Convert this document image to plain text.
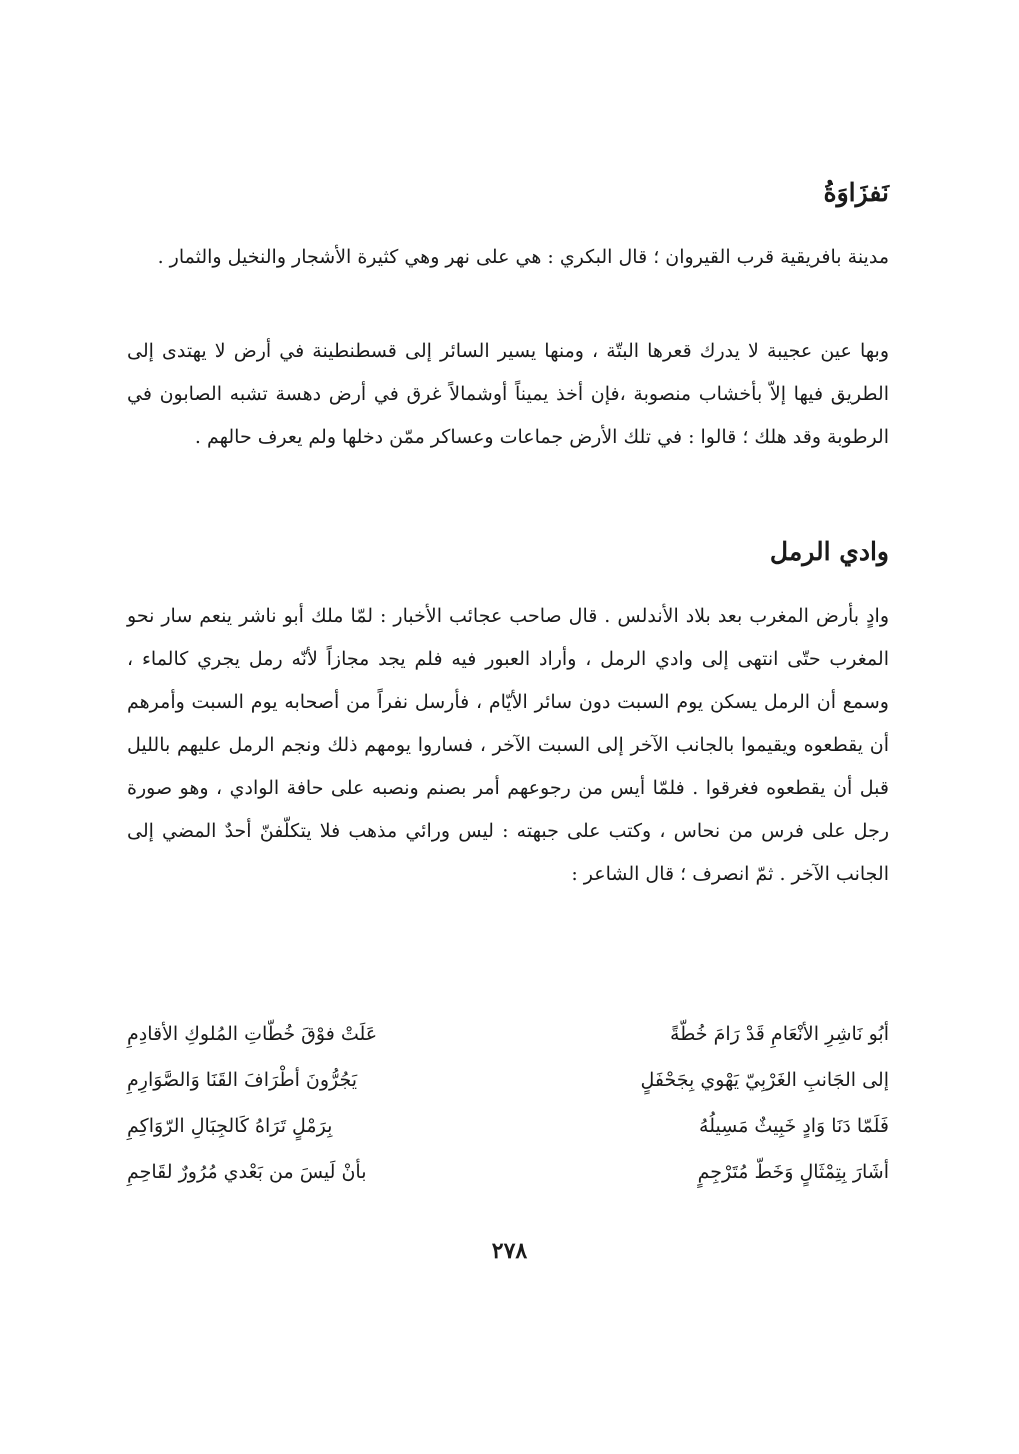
نَفزَاوَةُ

مدينة بافريقية قرب القيروان ؛ قال البكري : هي على نهر وهي كثيرة الأشجار والنخيل والثمار .

وبها عين عجيبة لا يدرك قعرها البتّة ، ومنها يسير السائر إلى قسطنطينة في أرض لا يهتدى إلى الطريق فيها إلاّ بأخشاب منصوبة ،فإن أخذ يميناً أوشمالاً غرق في أرض دهسة تشبه الصابون في الرطوبة وقد هلك ؛ قالوا : في تلك الأرض جماعات وعساكر ممّن دخلها ولم يعرف حالهم .

وادي الرمل

وادٍ بأرض المغرب بعد بلاد الأندلس . قال صاحب عجائب الأخبار : لمّا ملك أبو ناشر ينعم سار نحو المغرب حتّى انتهى إلى وادي الرمل ، وأراد العبور فيه فلم يجد مجازاً لأنّه رمل يجري كالماء ، وسمع أن الرمل يسكن يوم السبت دون سائر الأيّام ، فأرسل نفراً من أصحابه يوم السبت وأمرهم أن يقطعوه ويقيموا بالجانب الآخر إلى السبت الآخر ، فساروا يومهم ذلك ونجم الرمل عليهم بالليل قبل أن يقطعوه فغرقوا . فلمّا أيس من رجوعهم أمر بصنم ونصبه على حافة الوادي ، وهو صورة رجل على فرس من نحاس ، وكتب على جبهته : ليس ورائي مذهب فلا يتكلّفنّ أحدٌ المضي إلى الجانب الآخر . ثمّ انصرف ؛ قال الشاعر :

أبُو نَاشِرِ الأنْعَامِ قَدْ رَامَ خُطّةً
عَلَتْ فوْقَ خُطّاتِ المُلوكِ الأقادِمِ
إلى الجَانبِ الغَرْبِيّ يَهْوي بِجَحْفَلٍ
يَجُرُّونَ أطْرَافَ القَنَا وَالصَّوَارِمِ
فَلَمّا دَنَا وَادٍ خَبِيثٌ مَسِيلُهُ
بِرَمْلٍ تَرَاهُ كَالجِبَالِ الرّوَاكِمِ
أشَارَ بِتِمْثَالٍ وَخَطّ مُتَرْجِمٍ
بأنْ لَيسَ من بَعْدي مُرُورٌ لقَاحِمِ
٢٧٨
